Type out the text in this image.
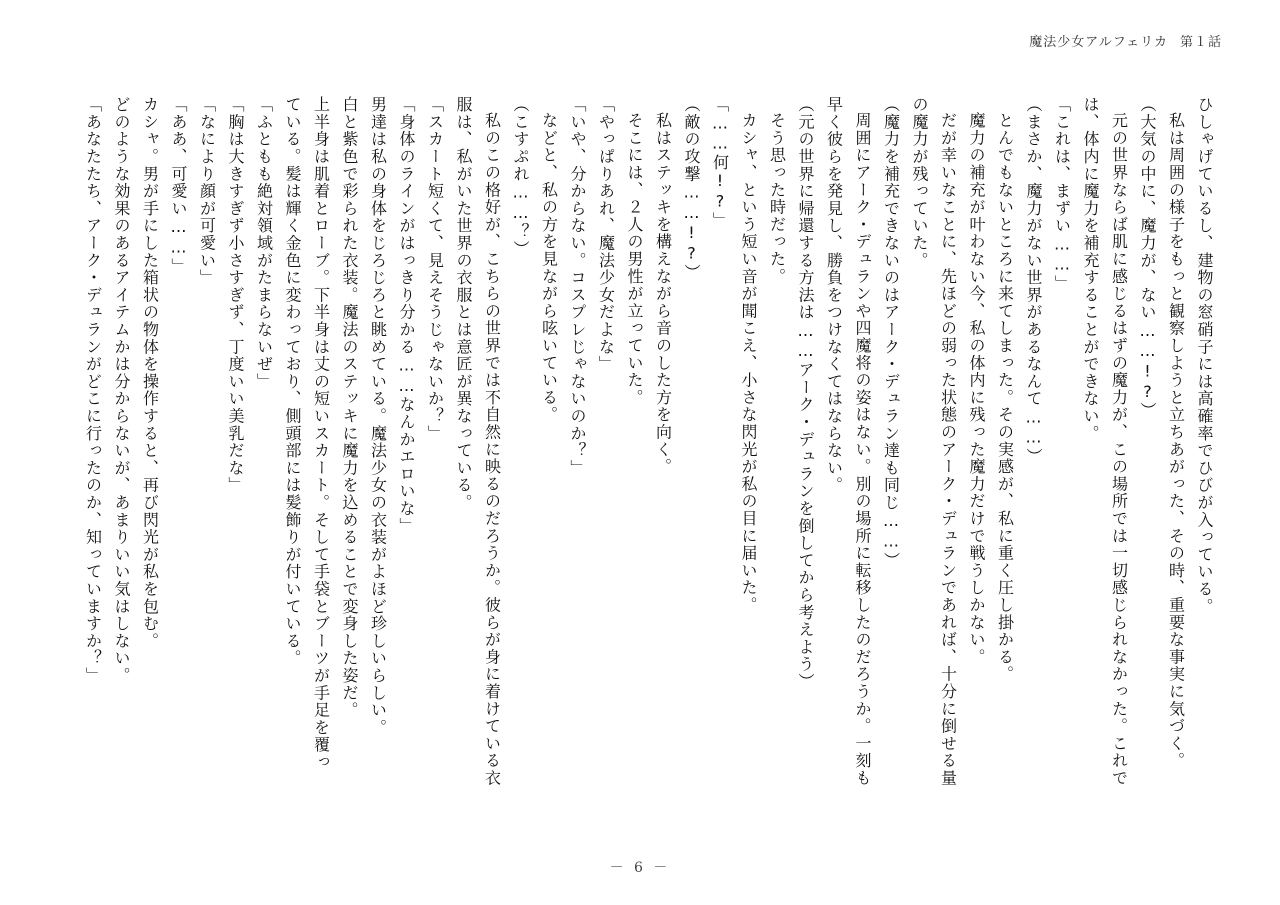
魔法少女アルフェリカ 第１話
ひしゃげているし、建物の窓硝子には高確率でひびが入っている。
私は周囲の様子をもっと観察しようと立ちあがった、その時、重要な事実に気づく。
（大気の中に、魔力が、ない……!?）
元の世界ならば肌に感じるはずの魔力が、この場所では一切感じられなかった。これで
は、体内に魔力を補充することができない。
「これは、まずい……」
（まさか、魔力がない世界があるなんて……）
とんでもないところに来てしまった。その実感が、私に重く圧し掛かる。
魔力の補充が叶わない今、私の体内に残った魔力だけで戦うしかない。
だが幸いなことに、先ほどの弱った状態のアーク・デュランであれば、十分に倒せる量
の魔力が残っていた。
（魔力を補充できないのはアーク・デュラン達も同じ……）
周囲にアーク・デュランや四魔将の姿はない。別の場所に転移したのだろうか。一刻も
早く彼らを発見し、勝負をつけなくてはならない。
（元の世界に帰還する方法は……アーク・デュランを倒してから考えよう）
そう思った時だった。
カシャ、という短い音が聞こえ、小さな閃光が私の目に届いた。
「……何!?」
（敵の攻撃……!?）
私はステッキを構えながら音のした方を向く。
そこには、２人の男性が立っていた。
「やっぱりあれ、魔法少女だよな」
「いや、分からない。コスプレじゃないのか？」
などと、私の方を見ながら呟いている。
（こすぷれ……？）
私のこの格好が、こちらの世界では不自然に映るのだろうか。彼らが身に着けている衣
服は、私がいた世界の衣服とは意匠が異なっている。
「スカート短くて、見えそうじゃないか？」
「身体のラインがはっきり分かる……なんかエロいな」
男達は私の身体をじろじろと眺めている。魔法少女の衣装がよほど珍しいらしい。
白と紫色で彩られた衣装。魔法のステッキに魔力を込めることで変身した姿だ。
上半身は肌着とローブ。下半身は丈の短いスカート。そして手袋とブーツが手足を覆っ
ている。髪は輝く金色に変わっており、側頭部には髪飾りが付いている。
「ふともも絶対領域がたまらないぜ」
「胸は大きすぎず小さすぎず、丁度いい美乳だな」
「なにより顔が可愛い」
「ああ、可愛い……」
カシャ。男が手にした箱状の物体を操作すると、再び閃光が私を包む。
どのような効果のあるアイテムかは分からないが、あまりいい気はしない。
「あなたたち、アーク・デュランがどこに行ったのか、知っていますか？」
－ 6 －
